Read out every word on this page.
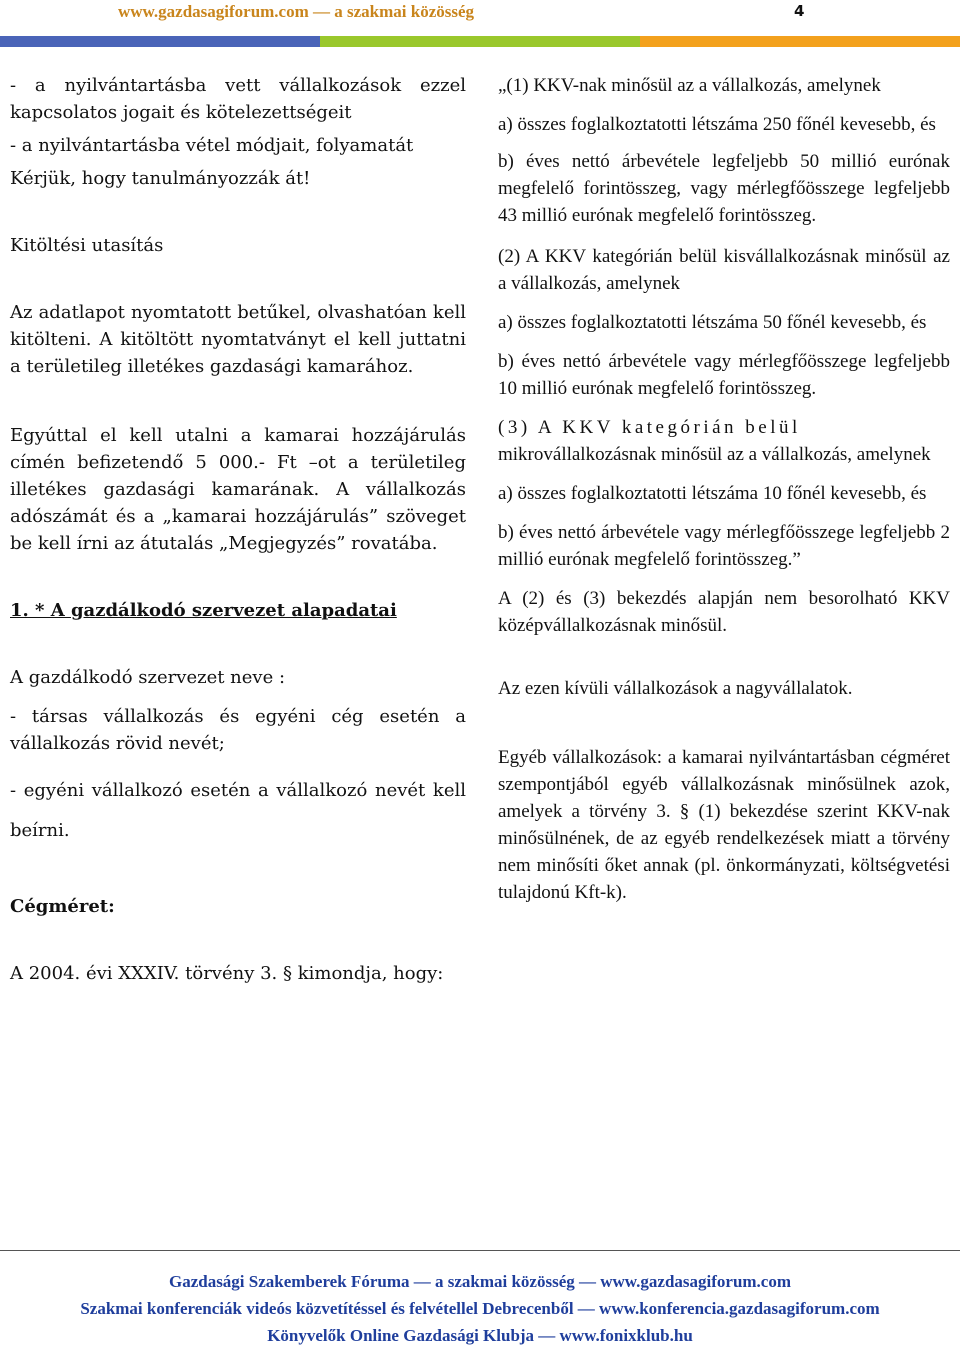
www.gazdasagiforum.com — a szakmai közösség	4

- a nyilvántartásba vett vállalkozások ezzel kapcsolatos jogait és kötelezettségeit

- a nyilvántartásba vétel módjait, folyamatát

Kérjük, hogy tanulmányozzák át!

Kitöltési utasítás

Az adatlapot nyomtatott betűkel, olvashatóan kell kitölteni. A kitöltött nyomtatványt el kell juttatni a területileg illetékes gazdasági kamarához.

Egyúttal el kell utalni a kamarai hozzájárulás címén befizetendő 5 000.- Ft –ot a területileg illetékes gazdasági kamarának. A vállalkozás adószámát és a „kamarai hozzájárulás” szöveget be kell írni az átutalás „Megjegyzés” rovatába.

1. * A gazdálkodó szervezet alapadatai

A gazdálkodó szervezet neve :

- társas vállalkozás és egyéni cég esetén a vállalkozás rövid nevét;

- egyéni vállalkozó esetén a vállalkozó nevét kell beírni.

Cégméret:

A 2004. évi XXXIV. törvény 3. § kimondja, hogy:

„(1) KKV-nak minősül az a vállalkozás, amelynek

a) összes foglalkoztatotti létszáma 250 főnél kevesebb, és

b) éves nettó árbevétele legfeljebb 50 millió eurónak megfelelő forintösszeg, vagy mérlegfőösszege legfeljebb 43 millió eurónak megfelelő forintösszeg.

(2) A KKV kategórián belül kisvállalkozásnak minősül az a vállalkozás, amelynek

a) összes foglalkoztatotti létszáma 50 főnél kevesebb, és

b) éves nettó árbevétele vagy mérlegfőösszege legfeljebb 10 millió eurónak megfelelő forintösszeg.

(3) A KKV kategórián belül
mikrovállalkozásnak minősül az a vállalkozás, amelynek

a) összes foglalkoztatotti létszáma 10 főnél kevesebb, és

b) éves nettó árbevétele vagy mérlegfőösszege legfeljebb 2 millió eurónak megfelelő forintösszeg.”

A (2) és (3) bekezdés alapján nem besorolható KKV középvállalkozásnak minősül.

Az ezen kívüli vállalkozások a nagyvállalatok.

Egyéb vállalkozások: a kamarai nyilvántartásban cégméret szempontjából egyéb vállalkozásnak minősülnek azok, amelyek a törvény 3. § (1) bekezdése szerint KKV-nak minősülnének, de az egyéb rendelkezések miatt a törvény nem minősíti őket annak (pl. önkormányzati, költségvetési tulajdonú Kft-k).

Gazdasági Szakemberek Fóruma — a szakmai közösség — www.gazdasagiforum.com
Szakmai konferenciák videós közvetítéssel és felvétellel Debrecenből — www.konferencia.gazdasagiforum.com
Könyvelők Online Gazdasági Klubja — www.fonixklub.hu
